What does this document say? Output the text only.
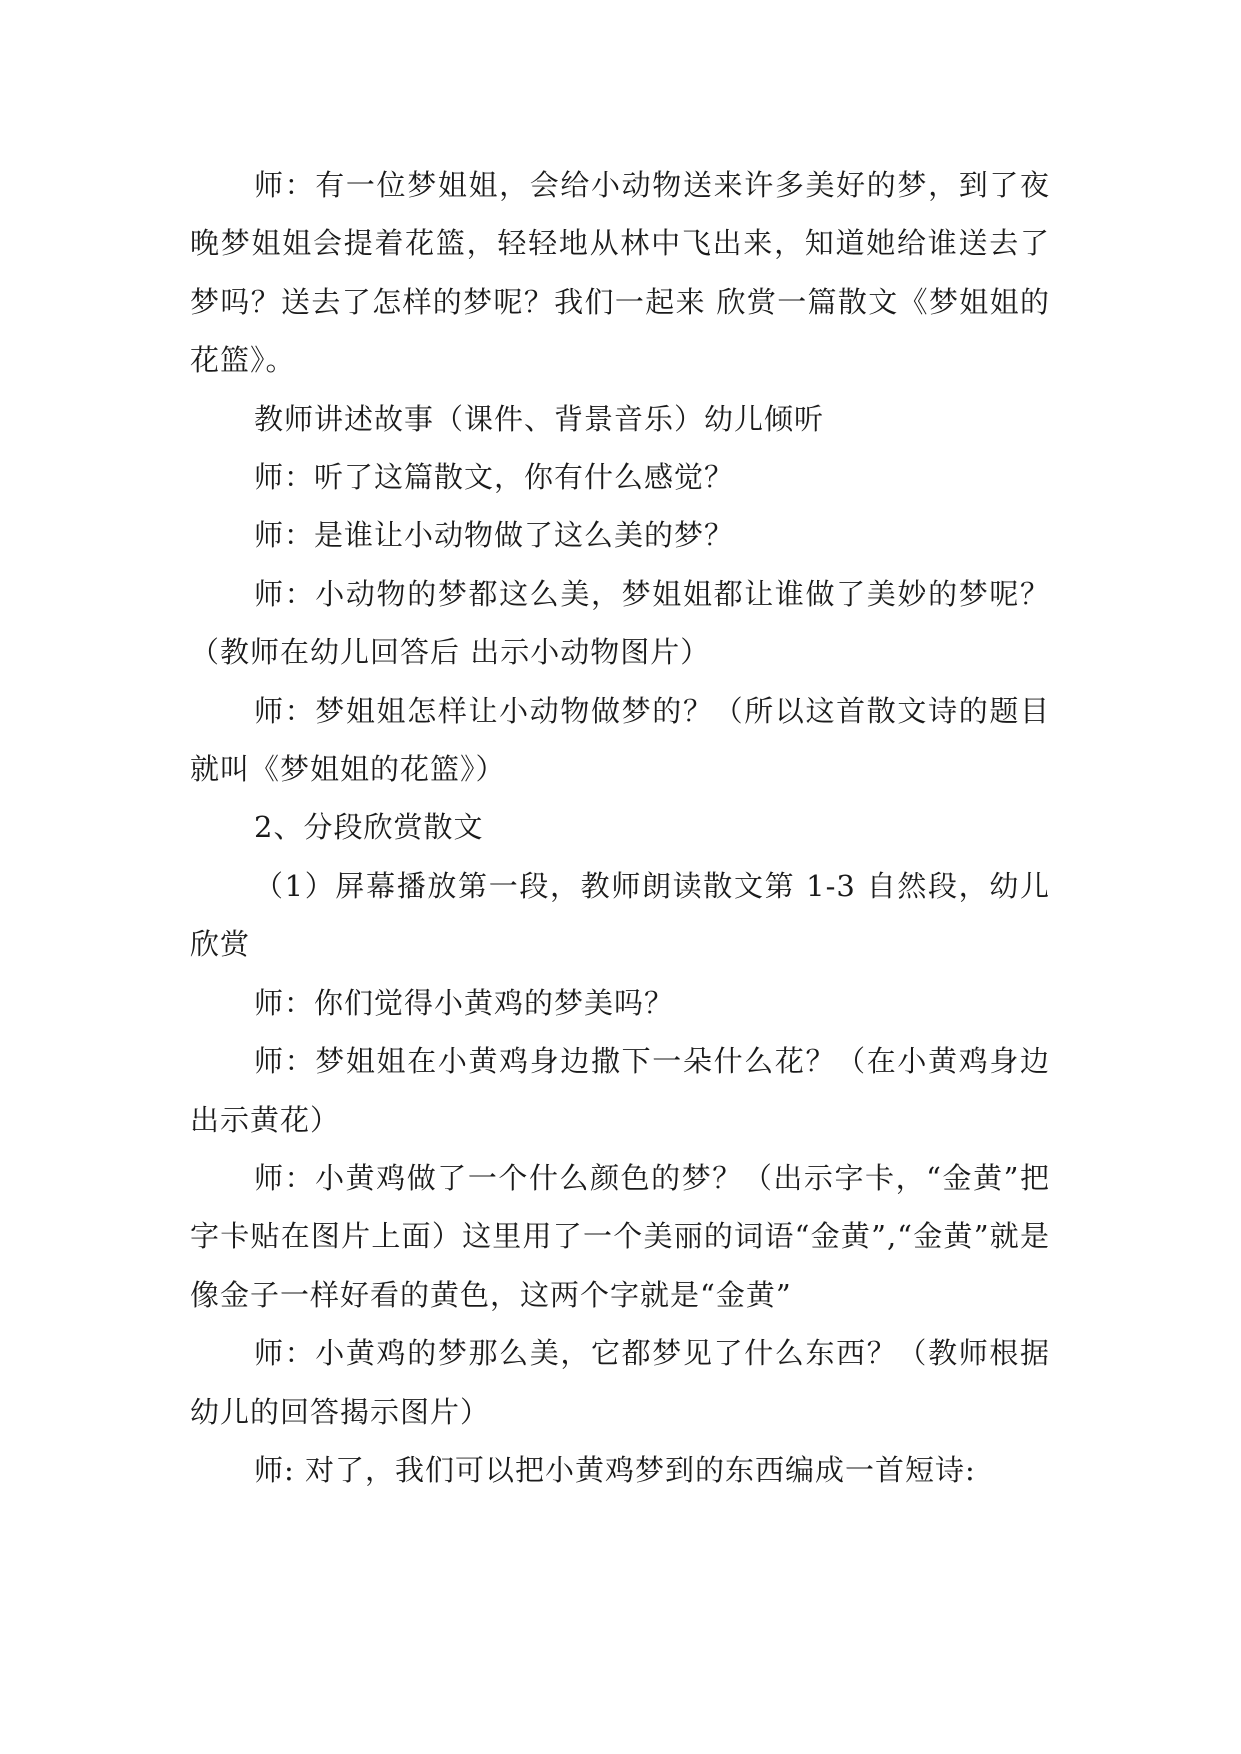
师：有一位梦姐姐，会给小动物送来许多美好的梦，到了夜晚梦姐姐会提着花篮，轻轻地从林中飞出来，知道她给谁送去了梦吗？送去了怎样的梦呢？我们一起来 欣赏一篇散文《梦姐姐的花篮》。

教师讲述故事（课件、背景音乐）幼儿倾听

师：听了这篇散文，你有什么感觉？

师：是谁让小动物做了这么美的梦？

师：小动物的梦都这么美，梦姐姐都让谁做了美妙的梦呢？（教师在幼儿回答后 出示小动物图片）

师：梦姐姐怎样让小动物做梦的？（所以这首散文诗的题目就叫《梦姐姐的花篮》）

2、分段欣赏散文

（1）屏幕播放第一段，教师朗读散文第 1-3 自然段，幼儿欣赏

师：你们觉得小黄鸡的梦美吗？

师：梦姐姐在小黄鸡身边撒下一朵什么花？（在小黄鸡身边出示黄花）

师：小黄鸡做了一个什么颜色的梦？（出示字卡，“金黄”把字卡贴在图片上面）这里用了一个美丽的词语“金黄”,“金黄”就是像金子一样好看的黄色，这两个字就是“金黄”

师：小黄鸡的梦那么美，它都梦见了什么东西？（教师根据幼儿的回答揭示图片）

师: 对了，我们可以把小黄鸡梦到的东西编成一首短诗:
